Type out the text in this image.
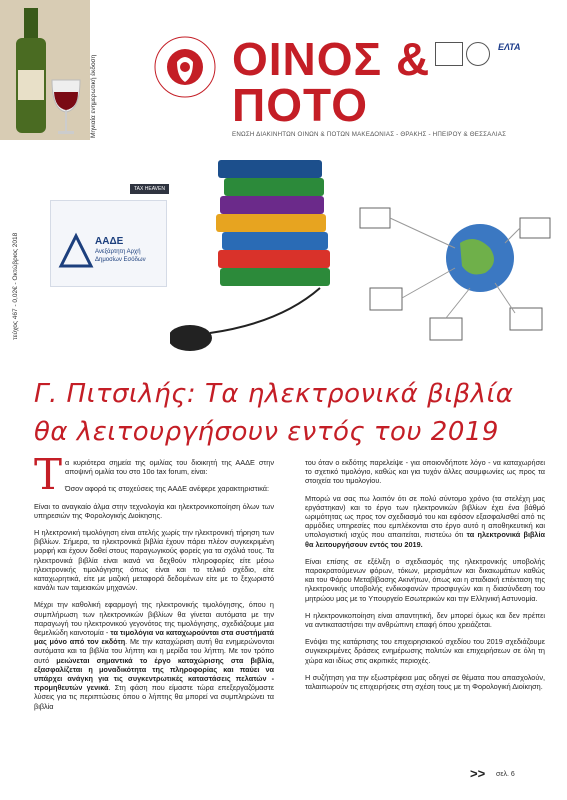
Μηνιαία ενημερωτική έκδοση	ΟΙΝΟΣ & ΠΟΤΟ
ΕΝΩΣΗ ΔΙΑΚΙΝΗΤΩΝ ΟΙΝΩΝ & ΠΟΤΩΝ ΜΑΚΕΔΟΝΙΑΣ - ΘΡΑΚΗΣ - ΗΠΕΙΡΟΥ & ΘΕΣΣΑΛΙΑΣ
ΕΛΤΑ
τεύχος 467 - 0,02€ - Οκτώβριος 2018	ΑΑΔΕ
Ανεξάρτητη Αρχή
Δημοσίων Εσόδων
TAX HEAVEN
Γ. Πιτσιλής: Τα ηλεκτρονικά βιβλία θα λειτουργήσουν εντός του 2019

Τα κυριότερα σημεία της ομιλίας του διοικητή της ΑΑΔΕ στην αποψινή ομιλία του στο 10ο tax forum, είναι:

Όσον αφορά τις στοχεύσεις της ΑΑΔΕ ανέφερε χαρακτηριστικά:

Είναι το αναγκαίο άλμα στην τεχνολογία και ηλεκτρονικοποίηση όλων των υπηρεσιών της Φορολογικής Διοίκησης.

Η ηλεκτρονική τιμολόγηση είναι ατελής χωρίς την ηλεκτρονική τήρηση των βιβλίων. Σήμερα, τα ηλεκτρονικά βιβλία έχουν πάρει πλέον συγκεκριμένη μορφή και έχουν δοθεί στους παραγωγικούς φορείς για τα σχόλιά τους. Τα ηλεκτρονικά βιβλία είναι ικανά να δεχθούν πληροφορίες είτε μέσω ηλεκτρονικής τιμολόγησης όπως είναι και το τελικό σχέδιο, είτε καταχωρητικά, είτε με μαζική μεταφορά δεδομένων είτε με το ξεχωριστό κανάλι των ταμειακών μηχανών.

Μέχρι την καθολική εφαρμογή της ηλεκτρονικής τιμολόγησης, όπου η συμπλήρωση των ηλεκτρονικών βιβλίων θα γίνεται αυτόματα με την παραγωγή του ηλεκτρονικού γεγονότος της τιμολόγησης, σχεδιάζουμε μια θεμελιώδη καινοτομία - τα τιμολόγια να καταχωρούνται στα συστήματά μας μόνο από τον εκδότη. Με την καταχώριση αυτή θα ενημερώνονται αυτόματα και τα βιβλία του λήπτη και η μερίδα του λήπτη. Με τον τρόπο αυτό μειώνεται σημαντικά το έργο καταχώρισης στα βιβλία, εξασφαλίζεται η μοναδικότητα της πληροφορίας και παύει να υπάρχει ανάγκη για τις συγκεντρωτικές καταστάσεις πελατών - προμηθευτών γενικά. Στη φάση που είμαστε τώρα επεξεργαζόμαστε λύσεις για τις περιπτώσεις όπου ο λήπτης θα μπορεί να συμπληρώνει τα βιβλία

του όταν ο εκδότης παρελείψε - για οποιονδήποτε λόγο - να καταχωρήσει το σχετικό τιμολόγιο, καθώς και για τυχόν άλλες ασυμφωνίες ως προς τα στοιχεία του τιμολογίου.

Μπορώ να σας πω λοιπόν ότι σε πολύ σύντομο χρόνο (τα στελέχη μας εργάστηκαν) και το έργο των ηλεκτρονικών βιβλίων έχει ένα βάθμό ωριμότητας ως προς τον σχεδιασμό του και εφόσον εξασφαλισθεί από τις αρμόδιες υπηρεσίες που εμπλέκονται στο έργο αυτό η αποθηκευτική και υπολογιστική ισχύς που απαιτείται, πιστεύω ότι τα ηλεκτρονικά βιβλία θα λειτουργήσουν εντός του 2019.

Είναι επίσης σε εξέλιξη ο σχεδιασμός της ηλεκτρονικής υποβολής παρακρατούμενων φόρων, τόκων, μερισμάτων και δικαιωμάτων καθώς και του Φόρου Μεταβίβασης Ακινήτων, όπως και η σταδιακή επέκταση της ηλεκτρονικής υποβολής ενδικοφανών προσφυγών και η διασύνδεση του μητρώου μας με το Υπουργείο Εσωτερικών και την Ελληνική Αστυνομία.

Η ηλεκτρονικοποίηση είναι απαντητική, δεν μπορεί όμως και δεν πρέπει να αντικαταστήσει την ανθρώπινη επαφή όπου χρειάζεται.

Ενόψει της κατάρτισης του επιχειρησιακού σχεδίου του 2019 σχεδιάζουμε συγκεκριμένες δράσεις ενημέρωσης πολιτών και επιχειρήσεων σε όλη τη χώρα και ιδίως στις ακριτικές περιοχές.

Η συζήτηση για την εξωστρέφεια μας οδηγεί σε θέματα που απασχολούν, ταλαιπωρούν τις επιχειρήσεις στη σχέση τους με τη Φορολογική Διοίκηση.

>> σελ. 6
